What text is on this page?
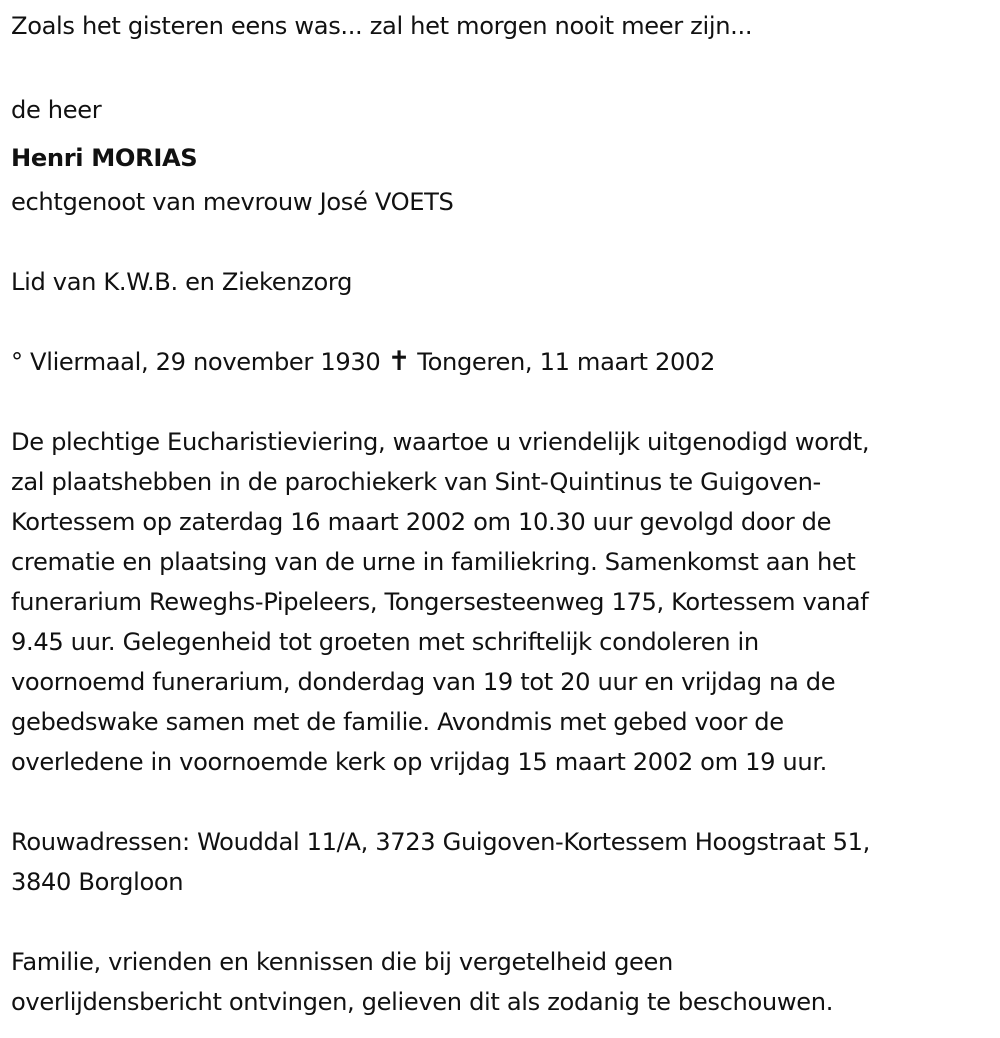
Zoals het gisteren eens was... zal het morgen nooit meer zijn...
de heer
Henri MORIAS
echtgenoot van mevrouw José VOETS
Lid van K.W.B. en Ziekenzorg
° Vliermaal, 29 november 1930 ✝ Tongeren, 11 maart 2002
De plechtige Eucharistieviering, waartoe u vriendelijk uitgenodigd wordt,
zal plaatshebben in de parochiekerk van Sint-Quintinus te Guigoven-
Kortessem op zaterdag 16 maart 2002 om 10.30 uur gevolgd door de
crematie en plaatsing van de urne in familiekring. Samenkomst aan het
funerarium Reweghs-Pipeleers, Tongersesteenweg 175, Kortessem vanaf
9.45 uur. Gelegenheid tot groeten met schriftelijk condoleren in
voornoemd funerarium, donderdag van 19 tot 20 uur en vrijdag na de
gebedswake samen met de familie. Avondmis met gebed voor de
overledene in voornoemde kerk op vrijdag 15 maart 2002 om 19 uur.
Rouwadressen: Wouddal 11/A, 3723 Guigoven-Kortessem Hoogstraat 51,
3840 Borgloon
Familie, vrienden en kennissen die bij vergetelheid geen
overlijdensbericht ontvingen, gelieven dit als zodanig te beschouwen.
